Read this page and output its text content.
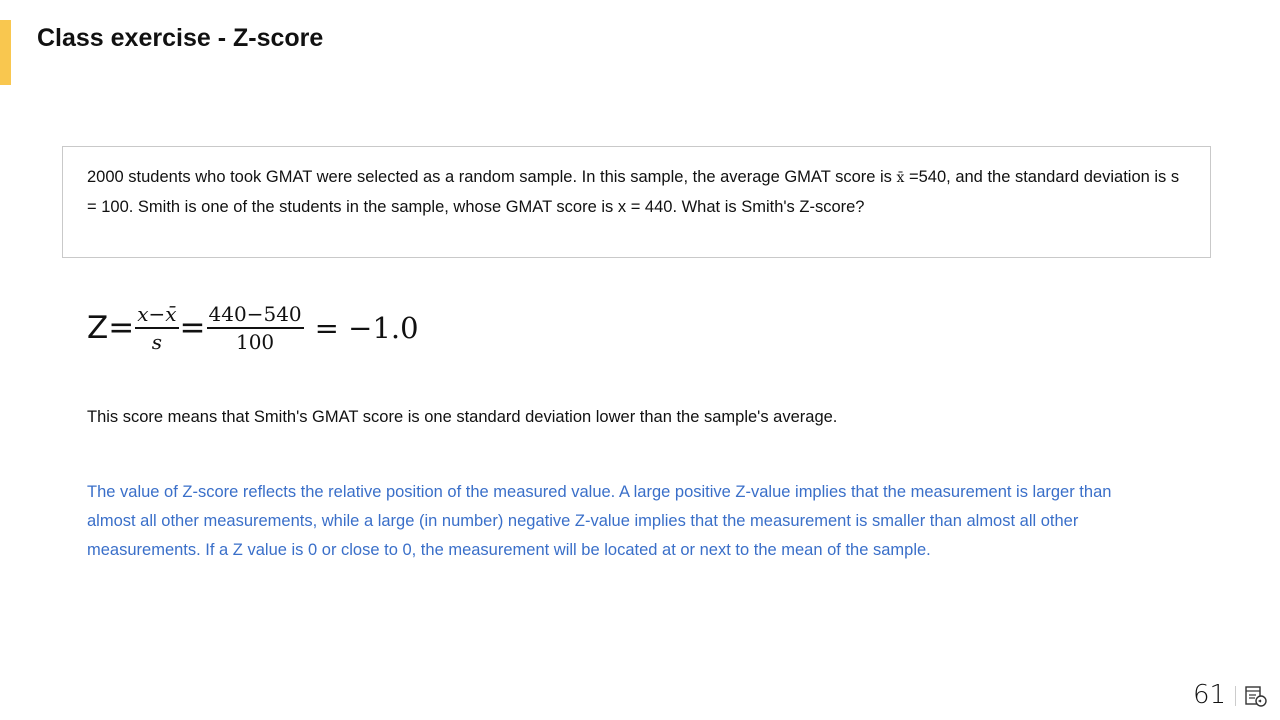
Class exercise - Z-score
2000 students who took GMAT were selected as a random sample. In this sample, the average GMAT score is x̄ =540, and the standard deviation is s = 100. Smith is one of the students in the sample, whose GMAT score is x = 440. What is Smith's Z-score?
$Z= \frac{x-x̄}{s} = \frac{440-540}{100} = -1.0$
This score means that Smith's GMAT score is one standard deviation lower than the sample's average.
The value of Z-score reflects the relative position of the measured value. A large positive Z-value implies that the measurement is larger than almost all other measurements, while a large (in number) negative Z-value implies that the measurement is smaller than almost all other measurements. If a Z value is 0 or close to 0, the measurement will be located at or next to the mean of the sample.
61
